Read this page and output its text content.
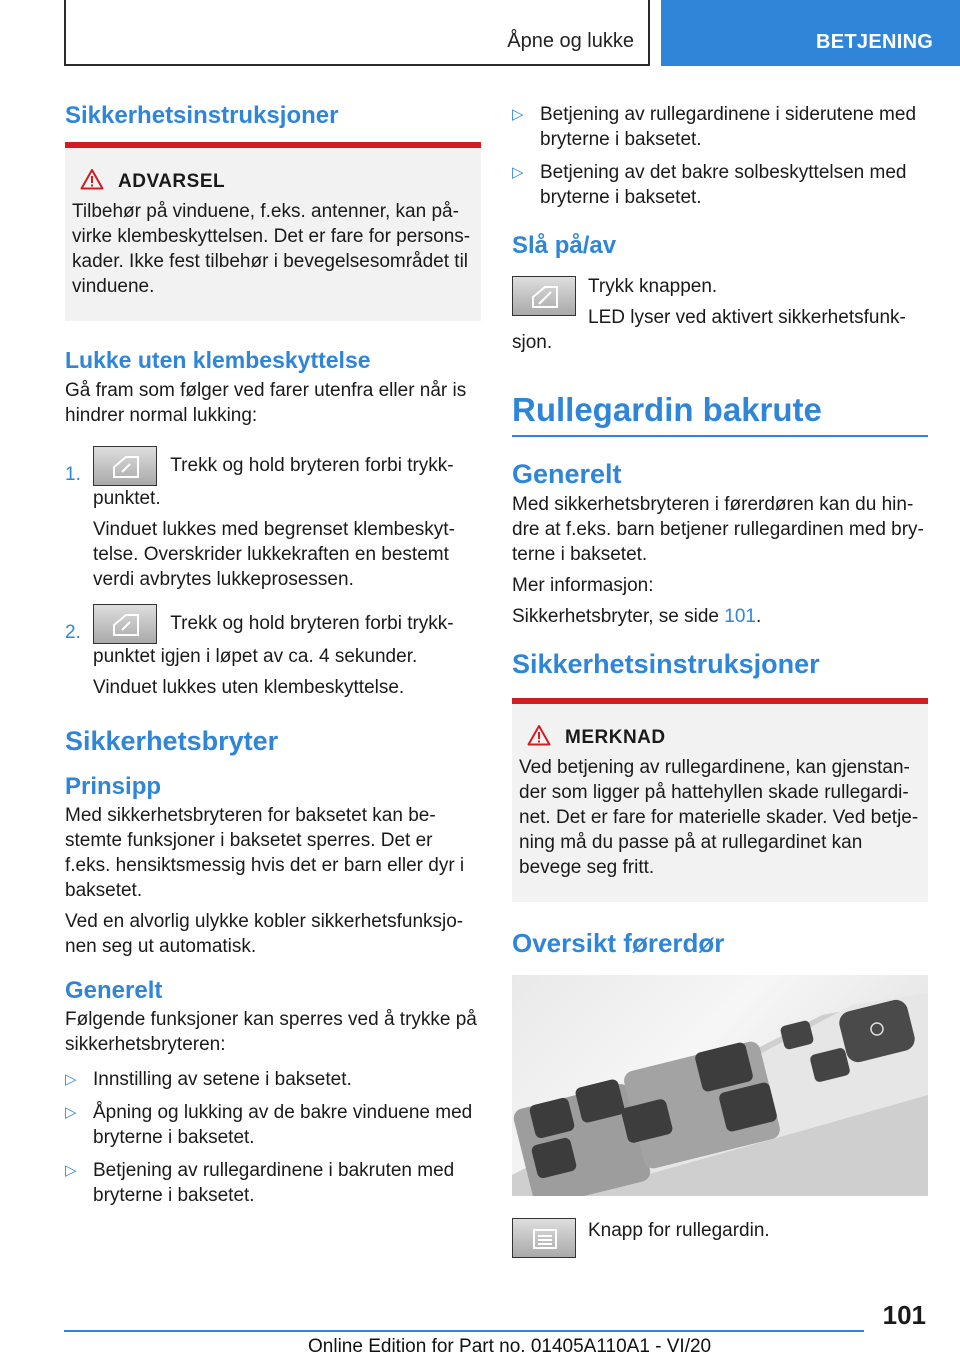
Åpne og lukke	BETJENING
Sikkerhetsinstruksjoner
ADVARSEL
Tilbehør på vinduene, f.eks. antenner, kan på-virke klembeskyttelsen. Det er fare for persons-kader. Ikke fest tilbehør i bevegelsesområdet til vinduene.
Lukke uten klembeskyttelse
Gå fram som følger ved farer utenfra eller når is hindrer normal lukking:
1.	Trekk og hold bryteren forbi trykk-punktet.
Vinduet lukkes med begrenset klembeskyt-telse. Overskrider lukkekraften en bestemt verdi avbrytes lukkeprosessen.
2.	Trekk og hold bryteren forbi trykk-punktet igjen i løpet av ca. 4 sekunder.
Vinduet lukkes uten klembeskyttelse.
Sikkerhetsbryter
Prinsipp
Med sikkerhetsbryteren for baksetet kan be-stemte funksjoner i baksetet sperres. Det er f.eks. hensiktsmessig hvis det er barn eller dyr i baksetet.
Ved en alvorlig ulykke kobler sikkerhetsfunksjo-nen seg ut automatisk.
Generelt
Følgende funksjoner kan sperres ved å trykke på sikkerhetsbryteren:
▷ Innstilling av setene i baksetet.
▷ Åpning og lukking av de bakre vinduene med bryterne i baksetet.
▷ Betjening av rullegardinene i bakruten med bryterne i baksetet.
▷ Betjening av rullegardinene i siderutene med bryterne i baksetet.
▷ Betjening av det bakre solbeskyttelsen med bryterne i baksetet.
Slå på/av
Trykk knappen.
LED lyser ved aktivert sikkerhetsfunk-sjon.
Rullegardin bakrute
Generelt
Med sikkerhetsbryteren i førerdøren kan du hin-dre at f.eks. barn betjener rullegardinen med bry-terne i baksetet.
Mer informasjon:
Sikkerhetsbryter, se side 101.
Sikkerhetsinstruksjoner
MERKNAD
Ved betjening av rullegardinene, kan gjenstan-der som ligger på hattehyllen skade rullegardi-net. Det er fare for materielle skader. Ved betje-ning må du passe på at rullegardinet kan bevege seg fritt.
Oversikt førerdør
Knapp for rullegardin.
101
Online Edition for Part no. 01405A110A1 - VI/20
